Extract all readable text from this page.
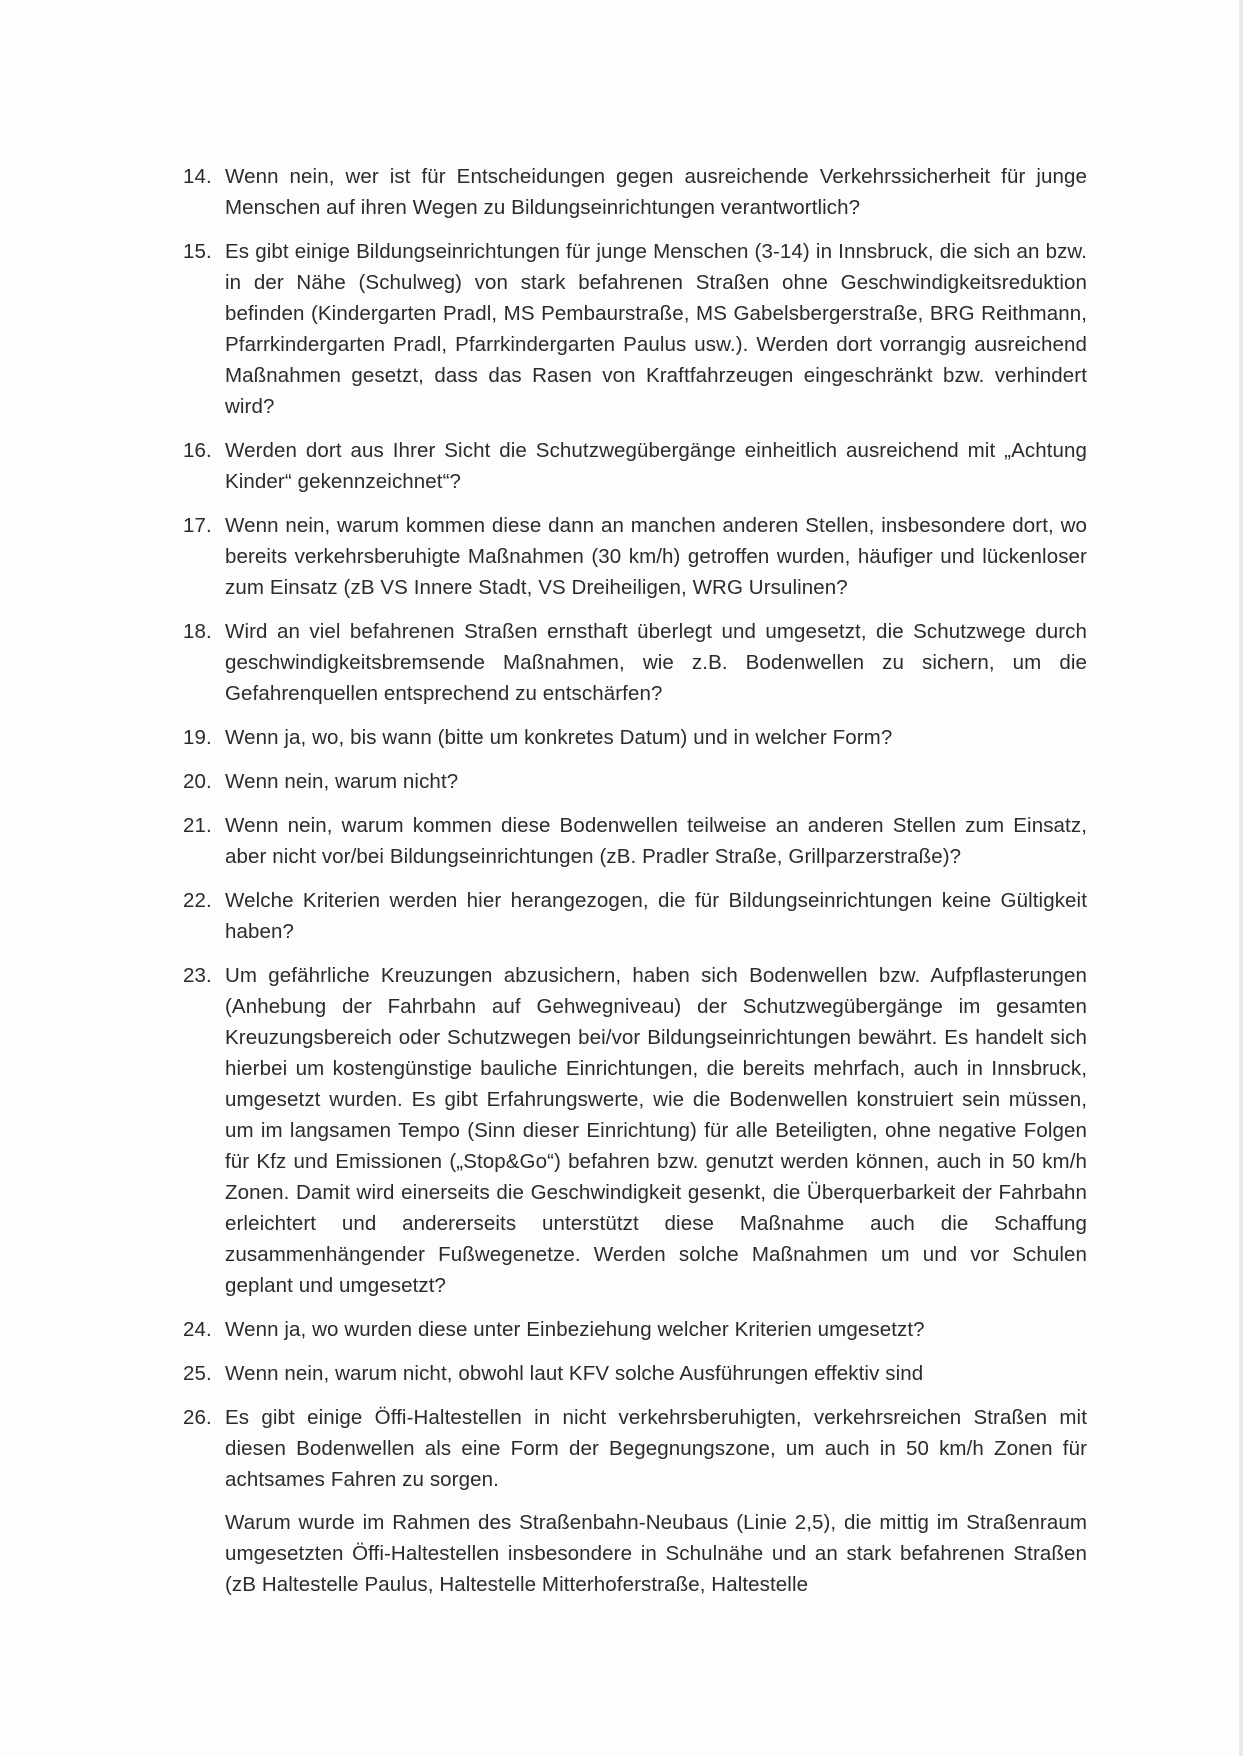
14. Wenn nein, wer ist für Entscheidungen gegen ausreichende Verkehrssicherheit für junge Menschen auf ihren Wegen zu Bildungseinrichtungen verantwortlich?
15. Es gibt einige Bildungseinrichtungen für junge Menschen (3-14) in Innsbruck, die sich an bzw. in der Nähe (Schulweg) von stark befahrenen Straßen ohne Geschwindigkeitsreduktion befinden (Kindergarten Pradl, MS Pembaurstraße, MS Gabelsbergerstraße, BRG Reithmann, Pfarrkindergarten Pradl, Pfarrkindergarten Paulus usw.). Werden dort vorrangig ausreichend Maßnahmen gesetzt, dass das Rasen von Kraftfahrzeugen eingeschränkt bzw. verhindert wird?
16. Werden dort aus Ihrer Sicht die Schutzwegübergänge einheitlich ausreichend mit „Achtung Kinder“ gekennzeichnet“?
17. Wenn nein, warum kommen diese dann an manchen anderen Stellen, insbesondere dort, wo bereits verkehrsberuhigte Maßnahmen (30 km/h) getroffen wurden, häufiger und lückenloser zum Einsatz (zB VS Innere Stadt, VS Dreiheiligen, WRG Ursulinen?
18. Wird an viel befahrenen Straßen ernsthaft überlegt und umgesetzt, die Schutzwege durch geschwindigkeitsbremsende Maßnahmen, wie z.B. Bodenwellen zu sichern, um die Gefahrenquellen entsprechend zu entschärfen?
19. Wenn ja, wo, bis wann (bitte um konkretes Datum) und in welcher Form?
20. Wenn nein, warum nicht?
21. Wenn nein, warum kommen diese Bodenwellen teilweise an anderen Stellen zum Einsatz, aber nicht vor/bei Bildungseinrichtungen (zB. Pradler Straße, Grillparzerstraße)?
22. Welche Kriterien werden hier herangezogen, die für Bildungseinrichtungen keine Gültigkeit haben?
23. Um gefährliche Kreuzungen abzusichern, haben sich Bodenwellen bzw. Aufpflasterungen (Anhebung der Fahrbahn auf Gehwegniveau) der Schutzwegübergänge im gesamten Kreuzungsbereich oder Schutzwegen bei/vor Bildungseinrichtungen bewährt. Es handelt sich hierbei um kostengünstige bauliche Einrichtungen, die bereits mehrfach, auch in Innsbruck, umgesetzt wurden. Es gibt Erfahrungswerte, wie die Bodenwellen konstruiert sein müssen, um im langsamen Tempo (Sinn dieser Einrichtung) für alle Beteiligten, ohne negative Folgen für Kfz und Emissionen („Stop&Go“) befahren bzw. genutzt werden können, auch in 50 km/h Zonen. Damit wird einerseits die Geschwindigkeit gesenkt, die Überquerbarkeit der Fahrbahn erleichtert und andererseits unterstützt diese Maßnahme auch die Schaffung zusammenhängender Fußwegenetze. Werden solche Maßnahmen um und vor Schulen geplant und umgesetzt?
24. Wenn ja, wo wurden diese unter Einbeziehung welcher Kriterien umgesetzt?
25. Wenn nein, warum nicht, obwohl laut KFV solche Ausführungen effektiv sind
26. Es gibt einige Öffi-Haltestellen in nicht verkehrsberuhigten, verkehrsreichen Straßen mit diesen Bodenwellen als eine Form der Begegnungszone, um auch in 50 km/h Zonen für achtsames Fahren zu sorgen.
Warum wurde im Rahmen des Straßenbahn-Neubaus (Linie 2,5), die mittig im Straßenraum umgesetzten Öffi-Haltestellen insbesondere in Schulnähe und an stark befahrenen Straßen (zB Haltestelle Paulus, Haltestelle Mitterhoferstraße, Haltestelle
